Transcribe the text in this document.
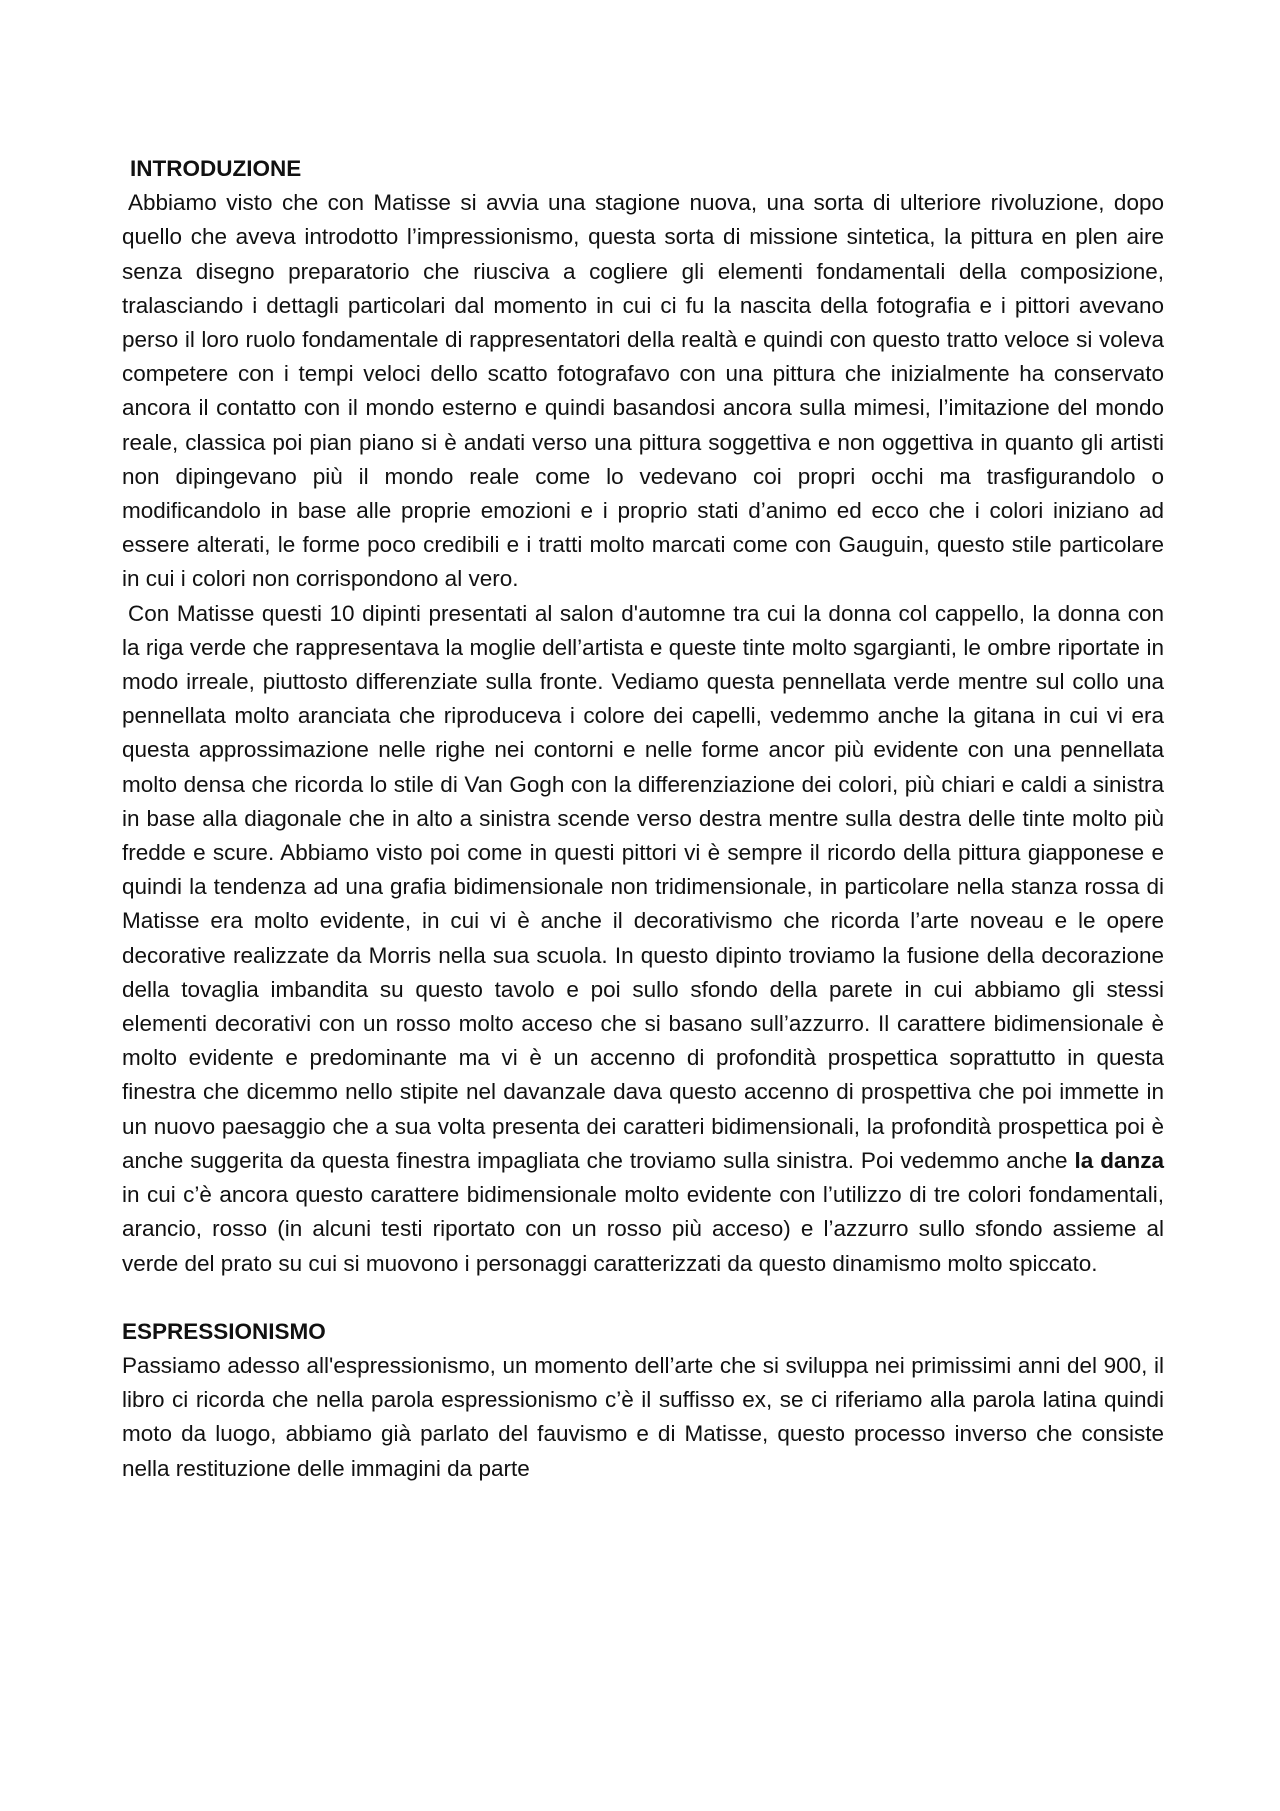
INTRODUZIONE

Abbiamo visto che con Matisse si avvia una stagione nuova, una sorta di ulteriore rivoluzione, dopo quello che aveva introdotto l’impressionismo, questa sorta di missione sintetica, la pittura en plen aire senza disegno preparatorio che riusciva a cogliere gli elementi fondamentali della composizione, tralasciando i dettagli particolari dal momento in cui ci fu la nascita della fotografia e i pittori avevano perso il loro ruolo fondamentale di rappresentatori della realtà e quindi con questo tratto veloce si voleva competere con i tempi veloci dello scatto fotografavo con una pittura che inizialmente ha conservato ancora il contatto con il mondo esterno e quindi basandosi ancora sulla mimesi, l’imitazione del mondo reale, classica poi pian piano si è andati verso una pittura soggettiva e non oggettiva in quanto gli artisti non dipingevano più il mondo reale come lo vedevano coi propri occhi ma trasfigurandolo o modificandolo in base alle proprie emozioni e i proprio stati d’animo ed ecco che i colori iniziano ad essere alterati, le forme poco credibili e i tratti molto marcati come con Gauguin, questo stile particolare in cui i colori non corrispondono al vero.

Con Matisse questi 10 dipinti presentati al salon d'automne tra cui la donna col cappello, la donna con la riga verde che rappresentava la moglie dell’artista e queste tinte molto sgargianti, le ombre riportate in modo irreale, piuttosto differenziate sulla fronte. Vediamo questa pennellata verde mentre sul collo una pennellata molto aranciata che riproduceva i colore dei capelli, vedemmo anche la gitana in cui vi era questa approssimazione nelle righe nei contorni e nelle forme ancor più evidente con una pennellata molto densa che ricorda lo stile di Van Gogh con la differenziazione dei colori, più chiari e caldi a sinistra in base alla diagonale che in alto a sinistra scende verso destra mentre sulla destra delle tinte molto più fredde e scure. Abbiamo visto poi come in questi pittori vi è sempre il ricordo della pittura giapponese e quindi la tendenza ad una grafia bidimensionale non tridimensionale, in particolare nella stanza rossa di Matisse era molto evidente, in cui vi è anche il decorativismo che ricorda l’arte noveau e le opere decorative realizzate da Morris nella sua scuola. In questo dipinto troviamo la fusione della decorazione della tovaglia imbandita su questo tavolo e poi sullo sfondo della parete in cui abbiamo gli stessi elementi decorativi con un rosso molto acceso che si basano sull’azzurro. Il carattere bidimensionale è molto evidente e predominante ma vi è un accenno di profondità prospettica soprattutto in questa finestra che dicemmo nello stipite nel davanzale dava questo accenno di prospettiva che poi immette in un nuovo paesaggio che a sua volta presenta dei caratteri bidimensionali, la profondità prospettica poi è anche suggerita da questa finestra impagliata che troviamo sulla sinistra. Poi vedemmo anche la danza in cui c’è ancora questo carattere bidimensionale molto evidente con l’utilizzo di tre colori fondamentali, arancio, rosso (in alcuni testi riportato con un rosso più acceso) e l’azzurro sullo sfondo assieme al verde del prato su cui si muovono i personaggi caratterizzati da questo dinamismo molto spiccato.

ESPRESSIONISMO

Passiamo adesso all'espressionismo, un momento dell’arte che si sviluppa nei primissimi anni del 900, il libro ci ricorda che nella parola espressionismo c’è il suffisso ex, se ci riferiamo alla parola latina quindi moto da luogo, abbiamo già parlato del fauvismo e di Matisse, questo processo inverso che consiste nella restituzione delle immagini da parte
